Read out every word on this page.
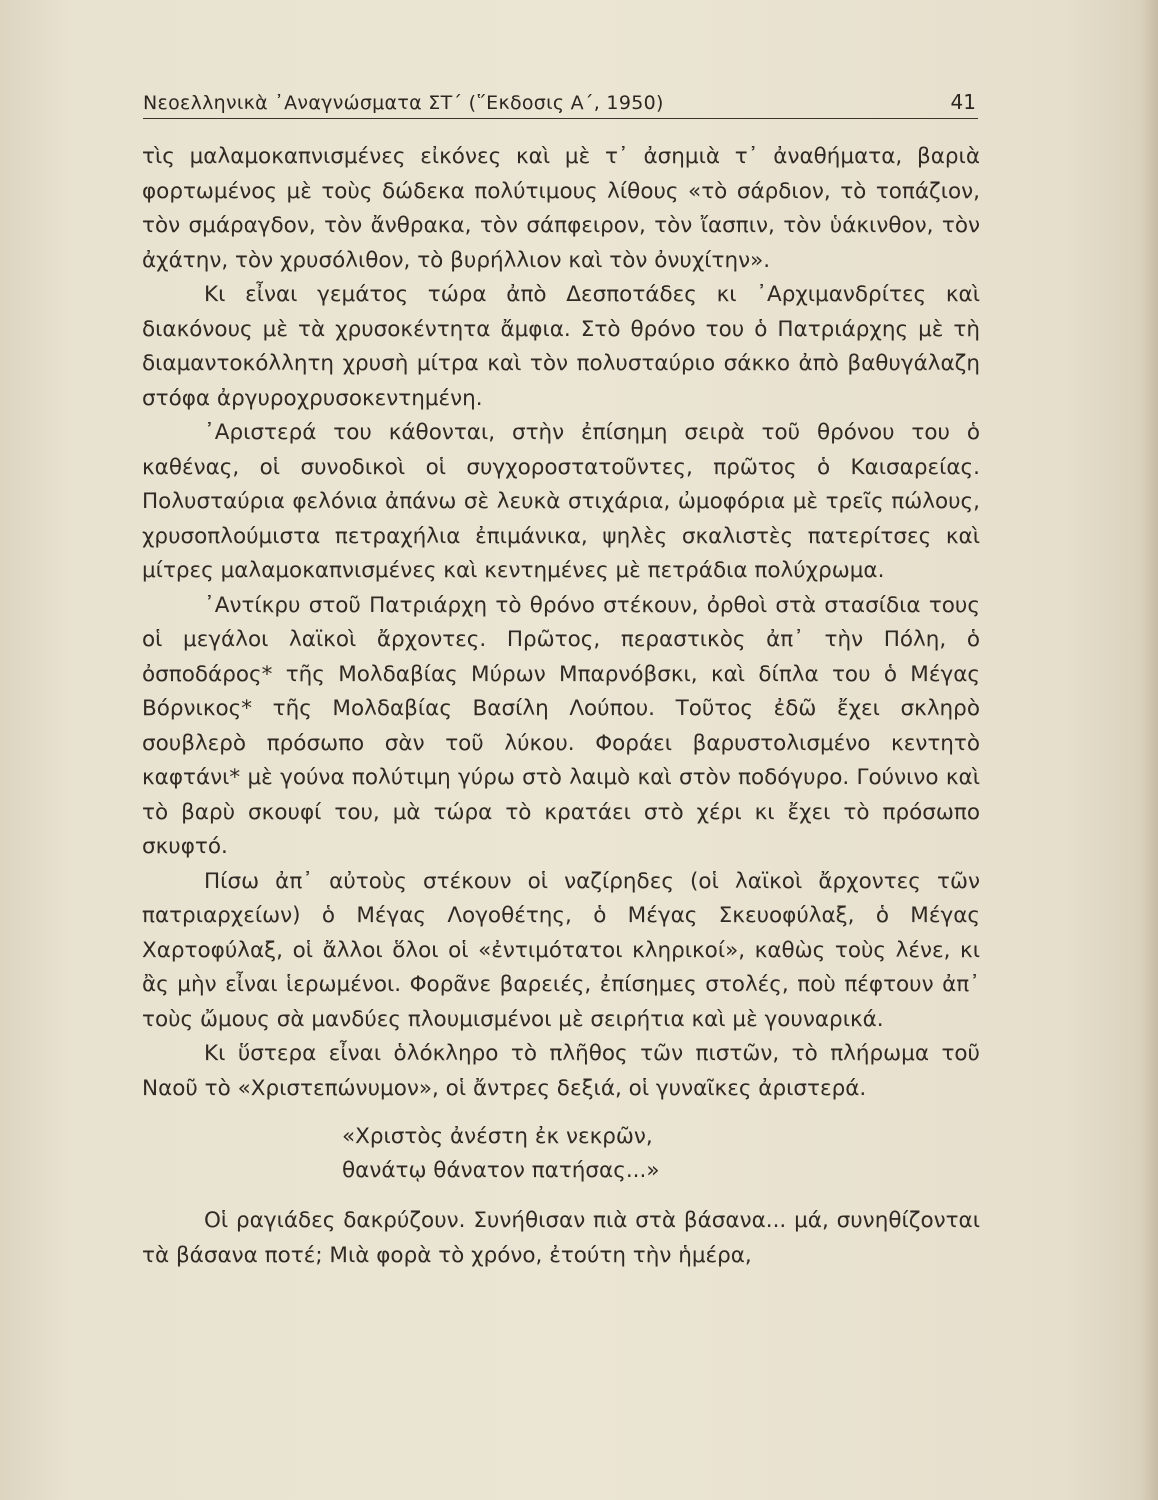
Νεοελληνικὰ ᾿Αναγνώσματα ΣΤ΄ (῞Εκδοσις Α΄, 1950)	41

τὶς μαλαμοκαπνισμένες εἰκόνες καὶ μὲ τ᾿ ἀσημιὰ τ᾿ ἀναθήματα, βαριὰ φορτωμένος μὲ τοὺς δώδεκα πολύτιμους λίθους «τὸ σάρδιον, τὸ τοπάζιον, τὸν σμάραγδον, τὸν ἄνθρακα, τὸν σάπφειρον, τὸν ἴασπιν, τὸν ὑάκινθον, τὸν ἀχάτην, τὸν χρυσόλιθον, τὸ βυρήλλιον καὶ τὸν ὀνυχίτην».

Κι εἶναι γεμάτος τώρα ἀπὸ Δεσποτάδες κι ᾿Αρχιμανδρίτες καὶ διακόνους μὲ τὰ χρυσοκέντητα ἄμφια. Στὸ θρόνο του ὁ Πατριάρχης μὲ τὴ διαμαντοκόλλητη χρυσὴ μίτρα καὶ τὸν πολυσταύριο σάκκο ἀπὸ βαθυγάλαζη στόφα ἀργυροχρυσοκεντημένη.

᾿Αριστερά του κάθονται, στὴν ἐπίσημη σειρὰ τοῦ θρόνου του ὁ καθένας, οἱ συνοδικοὶ οἱ συγχοροστατοῦντες, πρῶτος ὁ Καισαρείας. Πολυσταύρια φελόνια ἀπάνω σὲ λευκὰ στιχάρια, ὠμοφόρια μὲ τρεῖς πώλους, χρυσοπλούμιστα πετραχήλια ἐπιμάνικα, ψηλὲς σκαλιστὲς πατερίτσες καὶ μίτρες μαλαμοκαπνισμένες καὶ κεντημένες μὲ πετράδια πολύχρωμα.

᾿Αντίκρυ στοῦ Πατριάρχη τὸ θρόνο στέκουν, ὀρθοὶ στὰ στασίδια τους οἱ μεγάλοι λαϊκοὶ ἄρχοντες. Πρῶτος, περαστικὸς ἀπ᾿ τὴν Πόλη, ὁ ὀσποδάρος* τῆς Μολδαβίας Μύρων Μπαρνόβσκι, καὶ δίπλα του ὁ Μέγας Βόρνικος* τῆς Μολδαβίας Βασίλη Λούπου. Τοῦτος ἐδῶ ἔχει σκληρὸ σουβλερὸ πρόσωπο σὰν τοῦ λύκου. Φοράει βαρυστολισμένο κεντητὸ καφτάνι* μὲ γούνα πολύτιμη γύρω στὸ λαιμὸ καὶ στὸν ποδόγυρο. Γούνινο καὶ τὸ βαρὺ σκουφί του, μὰ τώρα τὸ κρατάει στὸ χέρι κι ἔχει τὸ πρόσωπο σκυφτό.

Πίσω ἀπ᾿ αὐτοὺς στέκουν οἱ ναζίρηδες (οἱ λαϊκοὶ ἄρχοντες τῶν πατριαρχείων) ὁ Μέγας Λογοθέτης, ὁ Μέγας Σκευοφύλαξ, ὁ Μέγας Χαρτοφύλαξ, οἱ ἄλλοι ὅλοι οἱ «ἐντιμότατοι κληρικοί», καθὼς τοὺς λένε, κι ἂς μὴν εἶναι ἱερωμένοι. Φορᾶνε βαρειές, ἐπίσημες στολές, ποὺ πέφτουν ἀπ᾿ τοὺς ὤμους σὰ μανδύες πλουμισμένοι μὲ σειρήτια καὶ μὲ γουναρικά.

Κι ὕστερα εἶναι ὁλόκληρο τὸ πλῆθος τῶν πιστῶν, τὸ πλήρωμα τοῦ Ναοῦ τὸ «Χριστεπώνυμον», οἱ ἄντρες δεξιά, οἱ γυναῖκες ἀριστερά.

«Χριστὸς ἀνέστη ἐκ νεκρῶν,
θανάτῳ θάνατον πατήσας...»

Οἱ ραγιάδες δακρύζουν. Συνήθισαν πιὰ στὰ βάσανα... μά, συνηθίζονται τὰ βάσανα ποτέ; Μιὰ φορὰ τὸ χρόνο, ἐτούτη τὴν ἡμέρα,
